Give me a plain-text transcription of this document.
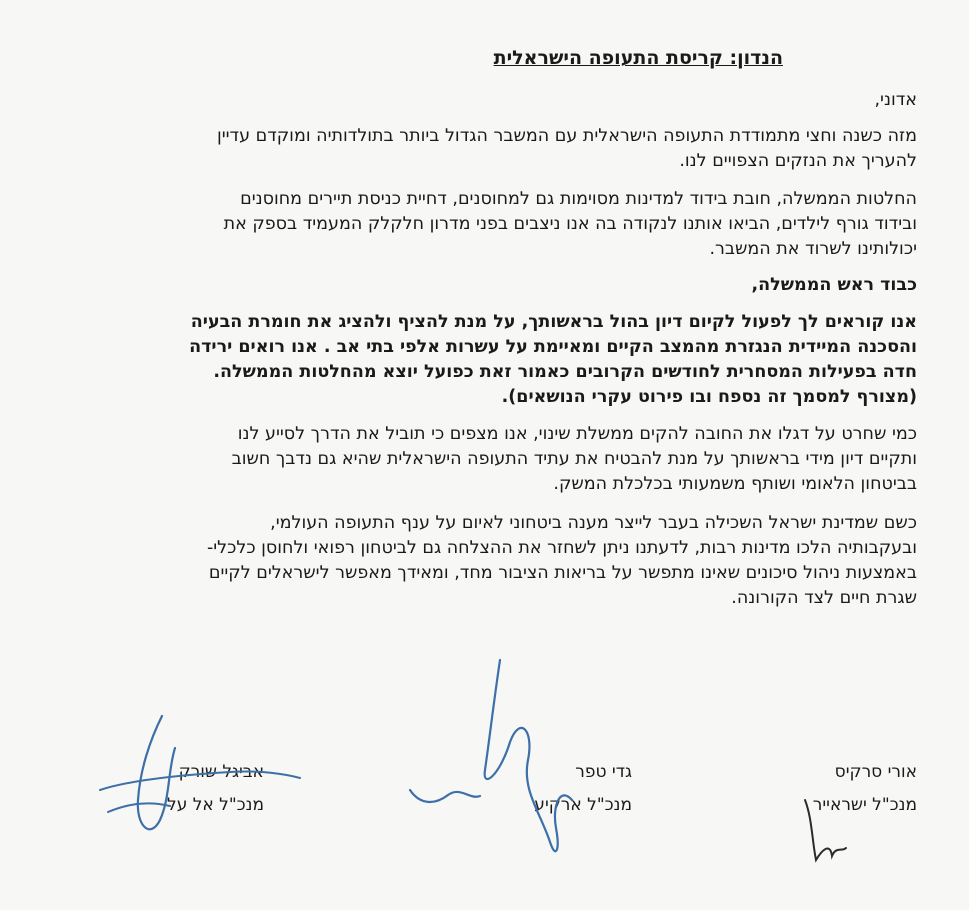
הנדון: קריסת התעופה הישראלית

אדוני,

מזה כשנה וחצי מתמודדת התעופה הישראלית עם המשבר הגדול ביותר בתולדותיה ומוקדם עדיין
להעריך את הנזקים הצפויים לנו.

החלטות הממשלה, חובת בידוד למדינות מסוימות גם למחוסנים, דחיית כניסת תיירים מחוסנים
ובידוד גורף לילדים, הביאו אותנו לנקודה בה אנו ניצבים בפני מדרון חלקלק המעמיד בספק את
יכולותינו לשרוד את המשבר.

כבוד ראש הממשלה,

אנו קוראים לך לפעול לקיום דיון בהול בראשותך, על מנת להציף ולהציג את חומרת הבעיה
והסכנה המיידית הנגזרת מהמצב הקיים ומאיימת על עשרות אלפי בתי אב . אנו רואים ירידה
חדה בפעילות המסחרית לחודשים הקרובים כאמור זאת כפועל יוצא מהחלטות הממשלה.
(מצורף למסמך זה נספח ובו פירוט עקרי הנושאים).

כמי שחרט על דגלו את החובה להקים ממשלת שינוי, אנו מצפים כי תוביל את הדרך לסייע לנו
ותקיים דיון מידי בראשותך על מנת להבטיח את עתיד התעופה הישראלית שהיא גם נדבך חשוב
בביטחון הלאומי ושותף משמעותי בכלכלת המשק.

כשם שמדינת ישראל השכילה בעבר לייצר מענה ביטחוני לאיום על ענף התעופה העולמי,
ובעקבותיה הלכו מדינות רבות, לדעתנו ניתן לשחזר את ההצלחה גם לביטחון רפואי ולחוסן כלכלי-
באמצעות ניהול סיכונים שאינו מתפשר על בריאות הציבור מחד, ומאידך מאפשר לישראלים לקיים
שגרת חיים לצד הקורונה.

אורי סרקיס
מנכ"ל ישראייר
גדי טפר
מנכ"ל ארקיע
אביגל שורק
מנכ"ל אל על
